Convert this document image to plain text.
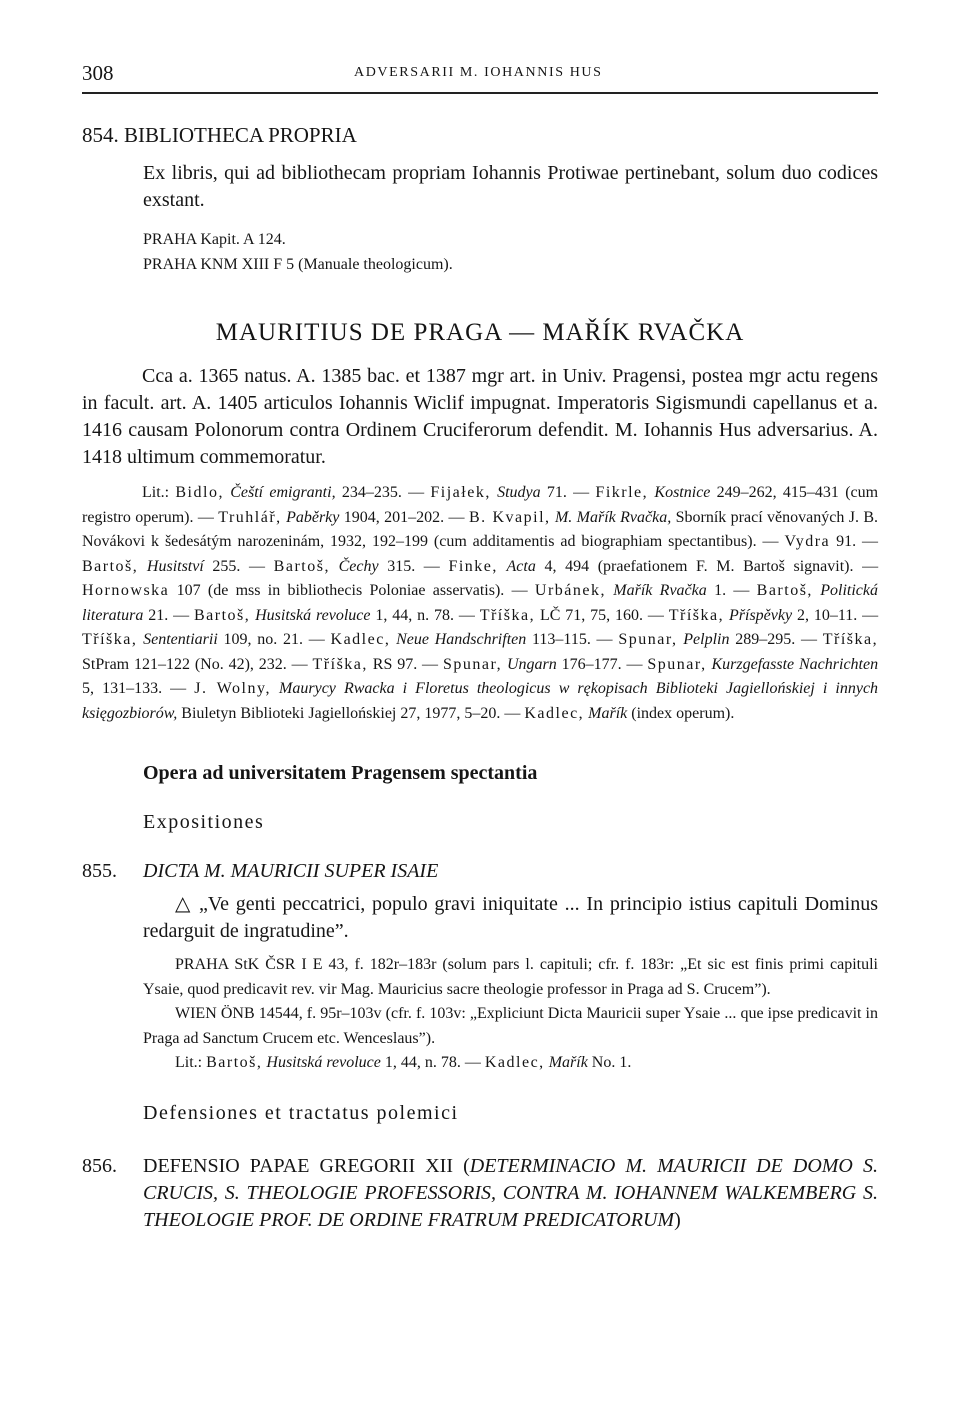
308	ADVERSARII M. IOHANNIS HUS

854. BIBLIOTHECA PROPRIA

Ex libris, qui ad bibliothecam propriam Iohannis Protiwae pertinebant, solum duo codices exstant.

PRAHA Kapit. A 124.

PRAHA KNM XIII F 5 (Manuale theologicum).

MAURITIUS DE PRAGA — MAŘÍK RVAČKA

Cca a. 1365 natus. A. 1385 bac. et 1387 mgr art. in Univ. Pragensi, postea mgr actu regens in facult. art. A. 1405 articulos Iohannis Wiclif impugnat. Imperatoris Sigismundi capellanus et a. 1416 causam Polonorum contra Ordinem Cruciferorum defendit. M. Iohannis Hus adversarius. A. 1418 ultimum commemoratur.

Lit.: Bidlo, Čeští emigranti, 234–235. — Fijałek, Studya 71. — Fikrle, Kostnice 249–262, 415–431 (cum registro operum). — Truhlář, Paběrky 1904, 201–202. — B. Kvapil, M. Mařík Rvačka, Sborník prací věnovaných J. B. Novákovi k šedesátým narozeninám, 1932, 192–199 (cum additamentis ad biographiam spectantibus). — Vydra 91. — Bartoš, Husitství 255. — Bartoš, Čechy 315. — Finke, Acta 4, 494 (praefationem F. M. Bartoš signavit). — Hornowska 107 (de mss in bibliothecis Poloniae asservatis). — Urbánek, Mařík Rvačka 1. — Bartoš, Politická literatura 21. — Bartoš, Husitská revoluce 1, 44, n. 78. — Tříška, LČ 71, 75, 160. — Tříška, Příspěvky 2, 10–11. — Tříška, Sententiarii 109, no. 21. — Kadlec, Neue Handschriften 113–115. — Spunar, Pelplin 289–295. — Tříška, StPram 121–122 (No. 42), 232. — Tříška, RS 97. — Spunar, Ungarn 176–177. — Spunar, Kurzgefasste Nachrichten 5, 131–133. — J. Wolny, Maurycy Rwacka i Floretus theologicus w rękopisach Biblioteki Jagiellońskiej i innych księgozbiorów, Biuletyn Biblioteki Jagiellońskiej 27, 1977, 5–20. — Kadlec, Mařík (index operum).

Opera ad universitatem Pragensem spectantia

Expositiones

855.	DICTA M. MAURICII SUPER ISAIE

△ „Ve genti peccatrici, populo gravi iniquitate ... In principio istius capituli Dominus redarguit de ingratudine”.

PRAHA StK ČSR I E 43, f. 182r–183r (solum pars l. capituli; cfr. f. 183r: „Et sic est finis primi capituli Ysaie, quod predicavit rev. vir Mag. Mauricius sacre theologie professor in Praga ad S. Crucem”).

WIEN ÖNB 14544, f. 95r–103v (cfr. f. 103v: „Expliciunt Dicta Mauricii super Ysaie ... que ipse predicavit in Praga ad Sanctum Crucem etc. Wenceslaus”).

Lit.: Bartoš, Husitská revoluce 1, 44, n. 78. — Kadlec, Mařík No. 1.

Defensiones et tractatus polemici

856.	DEFENSIO PAPAE GREGORII XII (DETERMINACIO M. MAURICII DE DOMO S. CRUCIS, S. THEOLOGIE PROFESSORIS, CONTRA M. IOHANNEM WALKEMBERG S. THEOLOGIE PROF. DE ORDINE FRATRUM PREDICATORUM)
